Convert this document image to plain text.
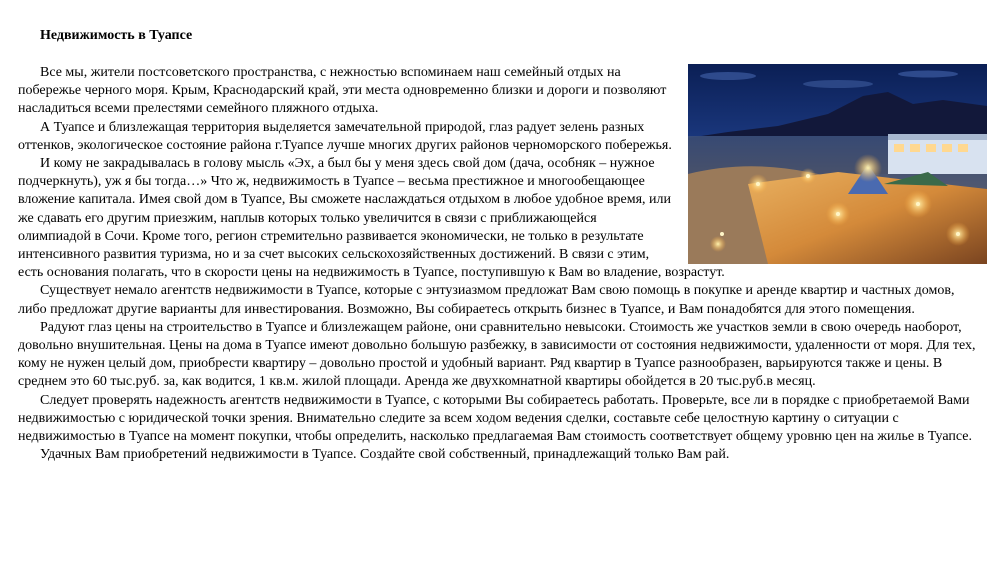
Недвижимость в Туапсе

Все мы, жители постсоветского пространства, с нежностью вспоминаем наш семейный отдых на побережье черного моря. Крым, Краснодарский край, эти места одновременно близки и дороги и позволяют насладиться всеми прелестями семейного пляжного отдыха.

А Туапсе и близлежащая территория выделяется замечательной природой, глаз радует зелень разных оттенков, экологическое состояние района г.Туапсе лучше многих других районов черноморского побережья.

И кому не закрадывалась в голову мысль «Эх, а был бы у меня здесь свой дом (дача, особняк – нужное подчеркнуть), уж я бы тогда…» Что ж, недвижимость в Туапсе – весьма престижное и многообещающее вложение капитала. Имея свой дом в Туапсе, Вы сможете наслаждаться отдыхом в любое удобное время, или же сдавать его другим приезжим, наплыв которых только увеличится в связи с приближающейся олимпиадой в Сочи. Кроме того, регион стремительно развивается экономически, не только в результате интенсивного развития туризма, но и за счет высоких сельскохозяйственных достижений. В связи с этим, есть основания полагать, что в скорости цены на недвижимость в Туапсе, поступившую к Вам во владение, возрастут.

Существует немало агентств недвижимости в Туапсе, которые с энтузиазмом предложат Вам свою помощь в покупке и аренде квартир и частных домов, либо предложат другие варианты для инвестирования. Возможно, Вы собираетесь открыть бизнес в Туапсе, и Вам понадобятся для этого помещения.

Радуют глаз цены на строительство в Туапсе и близлежащем районе, они сравнительно невысоки. Стоимость же участков земли в свою очередь наоборот, довольно внушительная. Цены на дома в Туапсе имеют довольно большую разбежку, в зависимости от состояния недвижимости, удаленности от моря. Для тех, кому не нужен целый дом, приобрести квартиру – довольно простой и удобный вариант. Ряд квартир в Туапсе разнообразен, варьируются также и цены. В среднем это 60 тыс.руб. за, как водится, 1 кв.м. жилой площади. Аренда же двухкомнатной квартиры обойдется в 20 тыс.руб.в месяц.

Следует проверять надежность агентств недвижимости в Туапсе, с которыми Вы собираетесь работать. Проверьте, все ли в порядке с приобретаемой Вами недвижимостью с юридической точки зрения. Внимательно следите за всем ходом ведения сделки, составьте себе целостную картину о ситуации с недвижимостью в Туапсе на момент покупки, чтобы определить, насколько предлагаемая Вам стоимость соответствует общему уровню цен на жилье в Туапсе.

Удачных Вам приобретений недвижимости в Туапсе. Создайте свой собственный, принадлежащий только Вам рай.
